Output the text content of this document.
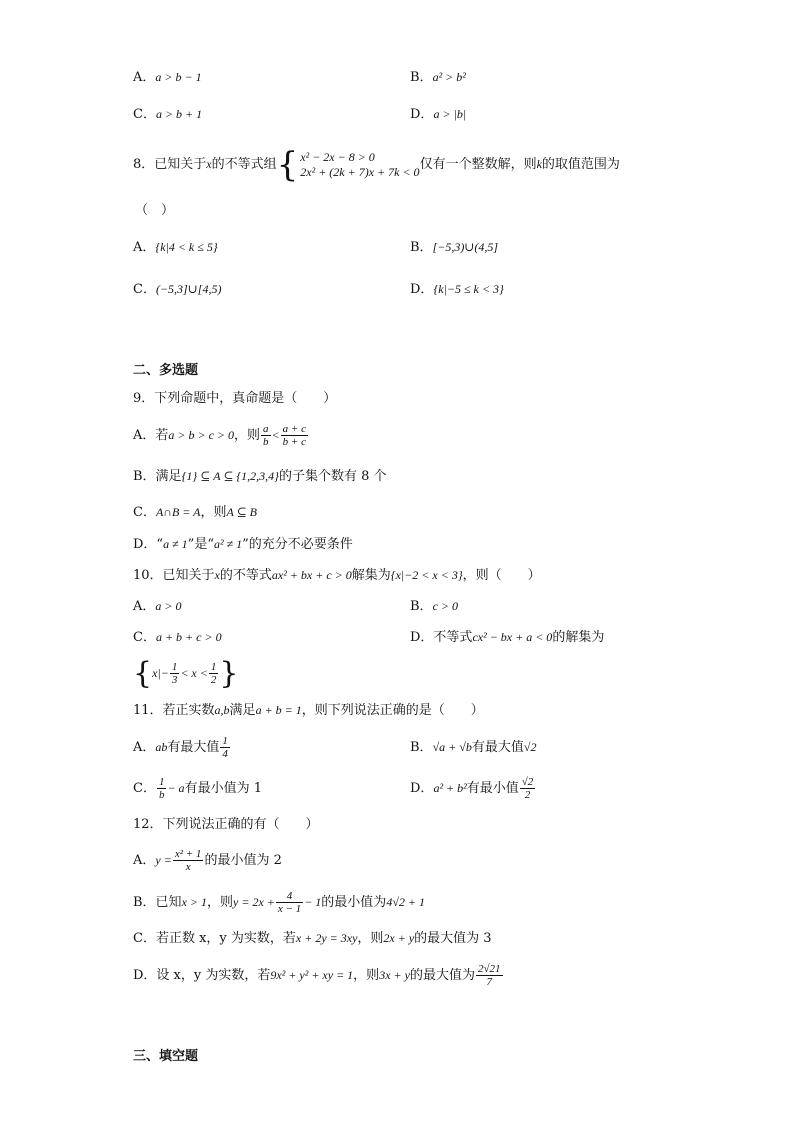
A．a > b − 1	B．a² > b²
C．a > b + 1	D．a > |b|
8．已知关于x的不等式组{ x² − 2x − 8 > 0
2x² + (2k + 7)x + 7k < 0 仅有一个整数解，则k的取值范围为
（　）
A．{k|4 < k ≤ 5}	B．[−5,3)∪(4,5]
C．(−5,3]∪[4,5)	D．{k|−5 ≤ k < 3}
二、多选题
9．下列命题中，真命题是（　　）
A．若a > b > c > 0，则 $\frac{a}{b} < \frac{a + c}{b + c}$
B．满足{1} ⊆ A ⊆ {1,2,3,4}的子集个数有 8 个
C．A∩B = A，则A ⊆ B
D．“a ≠ 1”是“a² ≠ 1”的充分不必要条件
10．已知关于x的不等式ax² + bx + c > 0解集为{x|−2 < x < 3}，则（　　）
A．a > 0	B．c > 0
C．a + b + c > 0	D．不等式cx² − bx + a < 0的解集为
{$x|- \frac{1}{3} < x < \frac{1}{2}$ }
11．若正实数a,b满足a + b = 1，则下列说法正确的是（　　）
A．ab有最大值 $\frac{1}{4}$	B．√a + √b有最大值√2
C． $\frac{1}{b} - a$有最小值为 1	D．a² + b²有最小值 $\frac{√2}{2}$
12．下列说法正确的有（　　）
A．$y = \frac{\text{x² + 1}}{x}$ 的最小值为 2
B．已知x > 1，则$y = 2x + \frac{4}{x - 1} - 1$的最小值为4√2 + 1
C．若正数 x，y 为实数，若x + 2y = 3xy，则2x + y的最大值为 3
D．设 x，y 为实数，若9x² + y² + xy = 1，则3x + y的最大值为 $\frac{2√21}{7}$
三、填空题
